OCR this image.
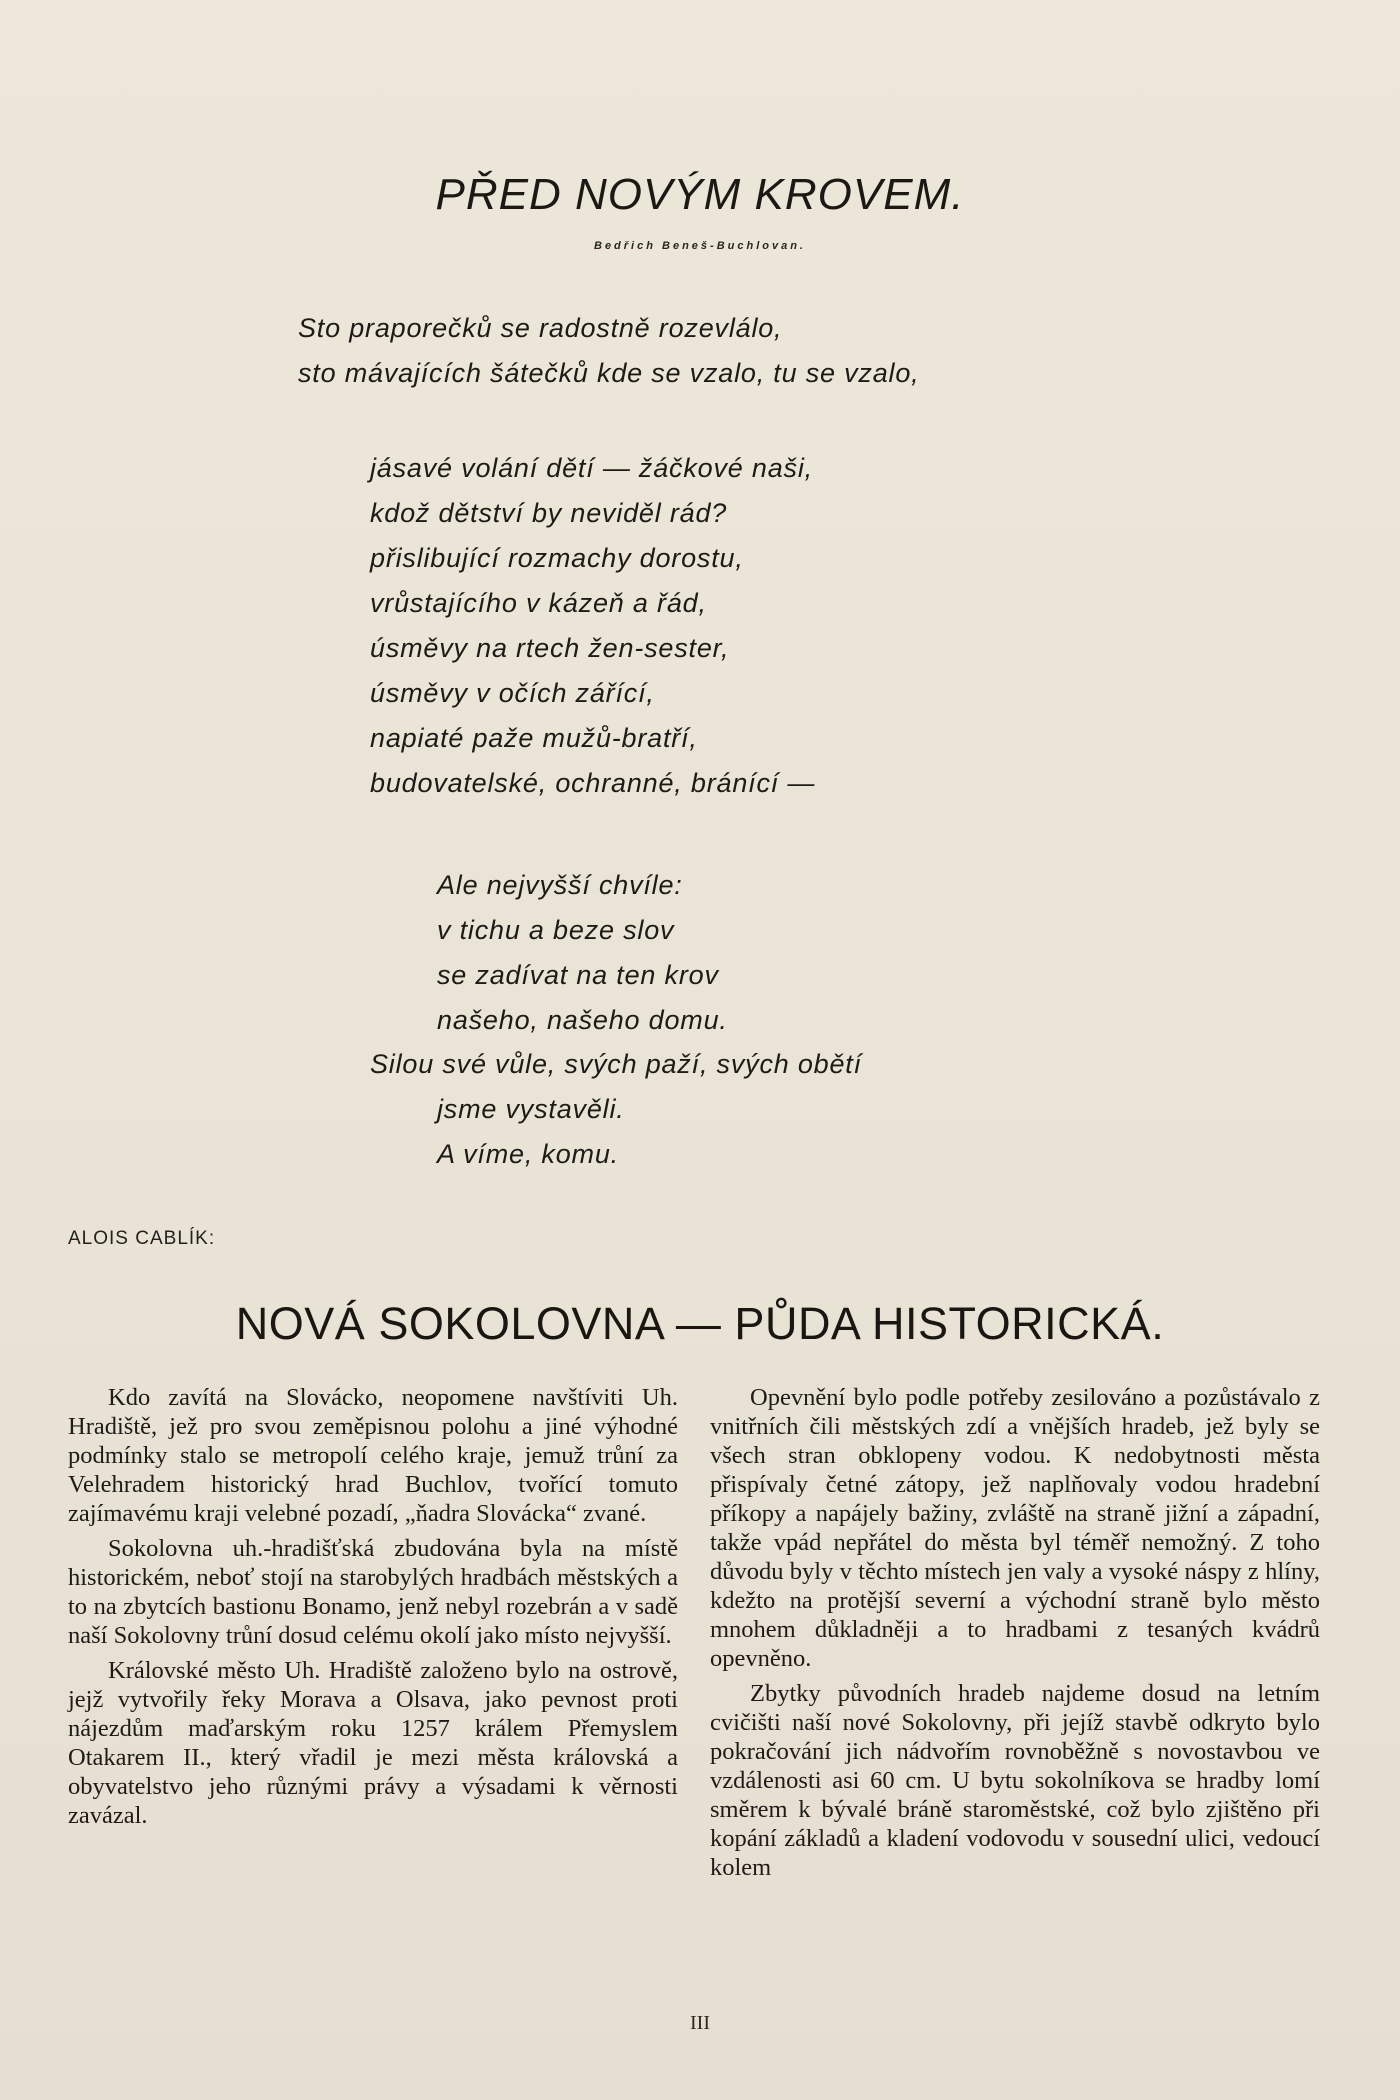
PŘED NOVÝM KROVEM.
Bedřich Beneš-Buchlovan.
Sto praporečků se radostně rozevlálo,
sto mávajících šátečků kde se vzalo, tu se vzalo,
jásavé volání dětí — žáčkové naši,
kdož dětství by neviděl rád?
přislibující rozmachy dorostu,
vrůstajícího v kázeň a řád,
úsměvy na rtech žen-sester,
úsměvy v očích zářící,
napiaté paže mužů-bratří,
budovatelské, ochranné, bránící —
Ale nejvyšší chvíle:
v tichu a beze slov
se zadívat na ten krov
našeho, našeho domu.
Silou své vůle, svých paží, svých obětí
jsme vystavěli.
A víme, komu.
ALOIS CABLÍK:
NOVÁ SOKOLOVNA — PŮDA HISTORICKÁ.

Kdo zavítá na Slovácko, neopomene navštíviti Uh. Hradiště, jež pro svou zeměpisnou polohu a jiné výhodné podmínky stalo se metropolí celého kraje, jemuž trůní za Velehradem historický hrad Buchlov, tvořící tomuto zajímavému kraji velebné pozadí, „ňadra Slovácka“ zvané.

Sokolovna uh.-hradišťská zbudována byla na místě historickém, neboť stojí na starobylých hradbách městských a to na zbytcích bastionu Bonamo, jenž nebyl rozebrán a v sadě naší Sokolovny trůní dosud celému okolí jako místo nejvyšší.

Královské město Uh. Hradiště založeno bylo na ostrově, jejž vytvořily řeky Morava a Olsava, jako pevnost proti nájezdům maďarským roku 1257 králem Přemyslem Otakarem II., který vřadil je mezi města královská a obyvatelstvo jeho různými právy a výsadami k věrnosti zavázal.

Opevnění bylo podle potřeby zesilováno a pozůstávalo z vnitřních čili městských zdí a vnějších hradeb, jež byly se všech stran obklopeny vodou. K nedobytnosti města přispívaly četné zátopy, jež naplňovaly vodou hradební příkopy a napájely bažiny, zvláště na straně jižní a západní, takže vpád nepřátel do města byl téměř nemožný. Z toho důvodu byly v těchto místech jen valy a vysoké náspy z hlíny, kdežto na protější severní a východní straně bylo město mnohem důkladněji a to hradbami z tesaných kvádrů opevněno.

Zbytky původních hradeb najdeme dosud na letním cvičišti naší nové Sokolovny, při jejíž stavbě odkryto bylo pokračování jich nádvořím rovnoběžně s novostavbou ve vzdálenosti asi 60 cm. U bytu sokolníkova se hradby lomí směrem k bývalé bráně staroměstské, což bylo zjištěno při kopání základů a kladení vodovodu v sousední ulici, vedoucí kolem

III
